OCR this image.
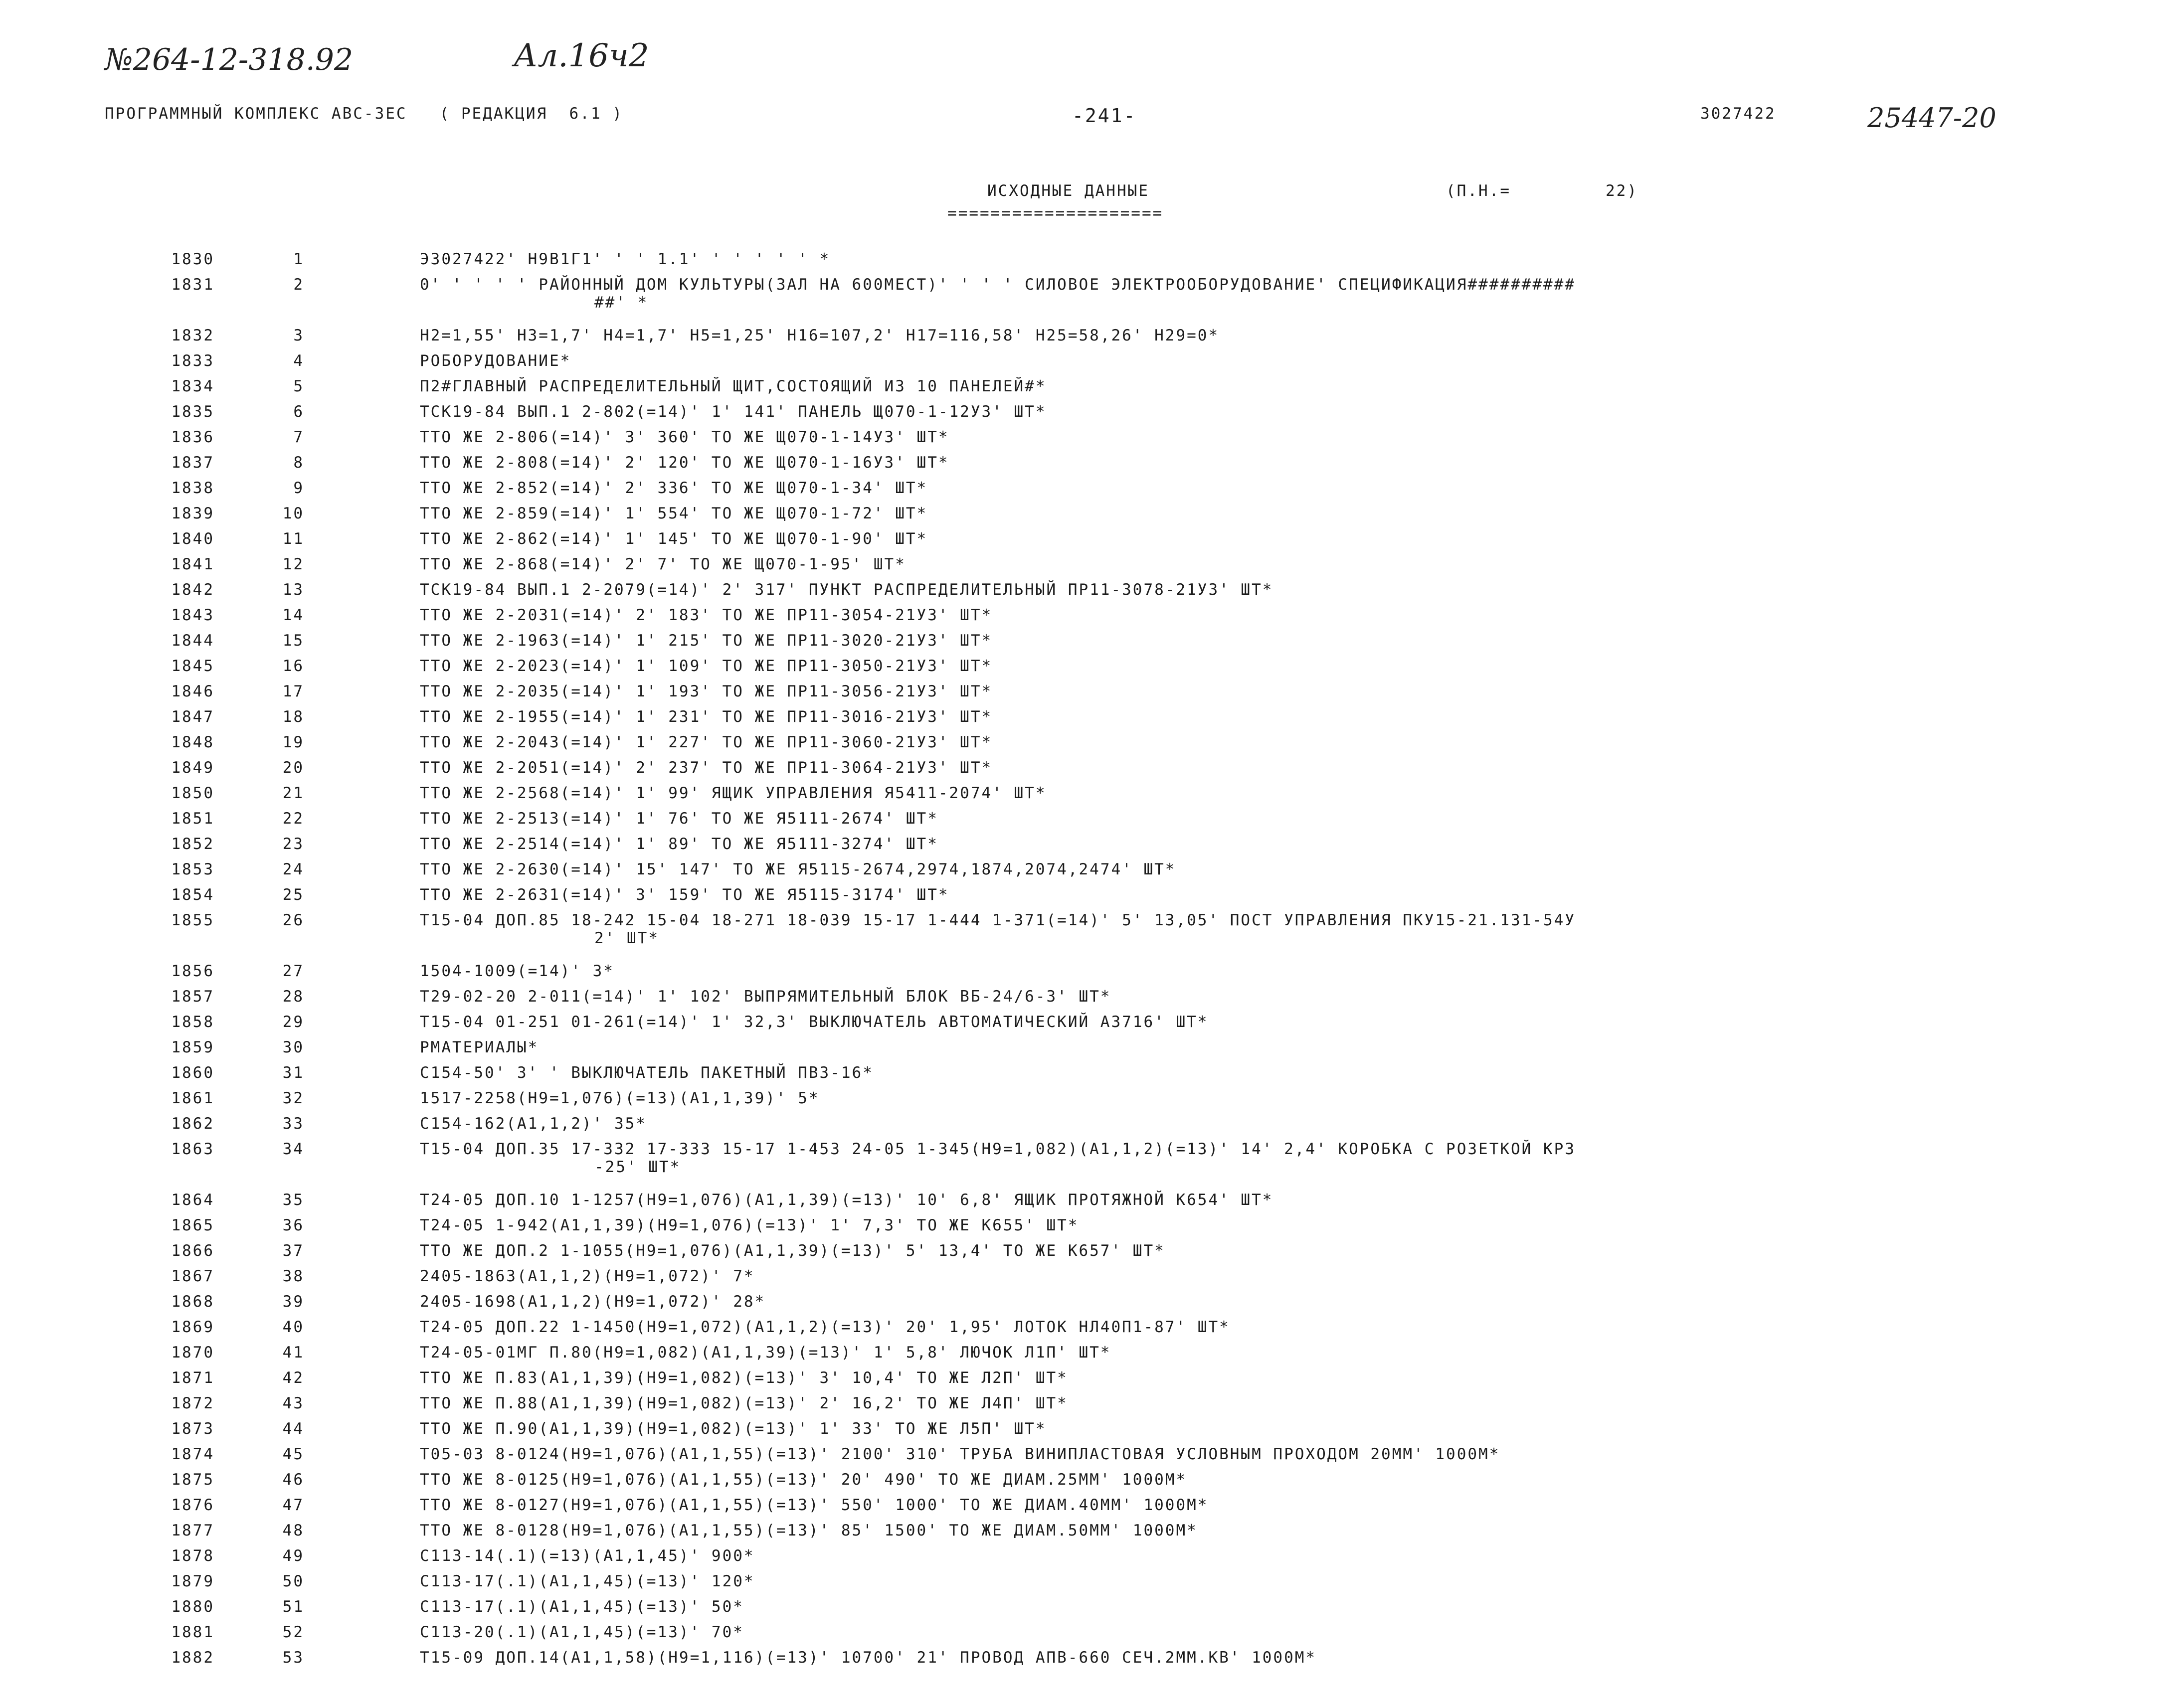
№264-12-318.92	Ал.16ч2
ПРОГРАММНЫЙ КОМПЛЕКС АВС-3ЕС   ( РЕДАКЦИЯ  6.1 )	-241-	3027422	25447-20
ИСХОДНЫЕ ДАННЫЕ
====================
(П.Н.=	22)
1830	1	Э3027422' Н9В1Г1' ' ' 1.1' ' ' ' ' ' *
1831	2	0' ' ' ' ' РАЙОННЫЙ ДОМ КУЛЬТУРЫ(ЗАЛ НА 600МЕСТ)' ' ' ' СИЛОВОЕ ЭЛЕКТРООБОРУДОВАНИЕ' СПЕЦИФИКАЦИЯ##########
##' *
1832	3	Н2=1,55' Н3=1,7' Н4=1,7' Н5=1,25' Н16=107,2' Н17=116,58' Н25=58,26' Н29=0*
1833	4	РОБОРУДОВАНИЕ*
1834	5	П2#ГЛАВНЫЙ РАСПРЕДЕЛИТЕЛЬНЫЙ ЩИТ,СОСТОЯЩИЙ ИЗ 10 ПАНЕЛЕЙ#*
1835	6	ТСК19-84 ВЫП.1 2-802(=14)' 1' 141' ПАНЕЛЬ Щ070-1-12У3' ШТ*
1836	7	ТТО ЖЕ 2-806(=14)' 3' 360' ТО ЖЕ Щ070-1-14У3' ШТ*
1837	8	ТТО ЖЕ 2-808(=14)' 2' 120' ТО ЖЕ Щ070-1-16У3' ШТ*
1838	9	ТТО ЖЕ 2-852(=14)' 2' 336' ТО ЖЕ Щ070-1-34' ШТ*
1839	10	ТТО ЖЕ 2-859(=14)' 1' 554' ТО ЖЕ Щ070-1-72' ШТ*
1840	11	ТТО ЖЕ 2-862(=14)' 1' 145' ТО ЖЕ Щ070-1-90' ШТ*
1841	12	ТТО ЖЕ 2-868(=14)' 2' 7' ТО ЖЕ Щ070-1-95' ШТ*
1842	13	ТСК19-84 ВЫП.1 2-2079(=14)' 2' 317' ПУНКТ РАСПРЕДЕЛИТЕЛЬНЫЙ ПР11-3078-21У3' ШТ*
1843	14	ТТО ЖЕ 2-2031(=14)' 2' 183' ТО ЖЕ ПР11-3054-21У3' ШТ*
1844	15	ТТО ЖЕ 2-1963(=14)' 1' 215' ТО ЖЕ ПР11-3020-21У3' ШТ*
1845	16	ТТО ЖЕ 2-2023(=14)' 1' 109' ТО ЖЕ ПР11-3050-21У3' ШТ*
1846	17	ТТО ЖЕ 2-2035(=14)' 1' 193' ТО ЖЕ ПР11-3056-21У3' ШТ*
1847	18	ТТО ЖЕ 2-1955(=14)' 1' 231' ТО ЖЕ ПР11-3016-21У3' ШТ*
1848	19	ТТО ЖЕ 2-2043(=14)' 1' 227' ТО ЖЕ ПР11-3060-21У3' ШТ*
1849	20	ТТО ЖЕ 2-2051(=14)' 2' 237' ТО ЖЕ ПР11-3064-21У3' ШТ*
1850	21	ТТО ЖЕ 2-2568(=14)' 1' 99' ЯЩИК УПРАВЛЕНИЯ Я5411-2074' ШТ*
1851	22	ТТО ЖЕ 2-2513(=14)' 1' 76' ТО ЖЕ Я5111-2674' ШТ*
1852	23	ТТО ЖЕ 2-2514(=14)' 1' 89' ТО ЖЕ Я5111-3274' ШТ*
1853	24	ТТО ЖЕ 2-2630(=14)' 15' 147' ТО ЖЕ Я5115-2674,2974,1874,2074,2474' ШТ*
1854	25	ТТО ЖЕ 2-2631(=14)' 3' 159' ТО ЖЕ Я5115-3174' ШТ*
1855	26	Т15-04 ДОП.85 18-242 15-04 18-271 18-039 15-17 1-444 1-371(=14)' 5' 13,05' ПОСТ УПРАВЛЕНИЯ ПКУ15-21.131-54У
2' ШТ*
1856	27	1504-1009(=14)' 3*
1857	28	Т29-02-20 2-011(=14)' 1' 102' ВЫПРЯМИТЕЛЬНЫЙ БЛОК ВБ-24/6-3' ШТ*
1858	29	Т15-04 01-251 01-261(=14)' 1' 32,3' ВЫКЛЮЧАТЕЛЬ АВТОМАТИЧЕСКИЙ А3716' ШТ*
1859	30	РМАТЕРИАЛЫ*
1860	31	С154-50' 3' ' ВЫКЛЮЧАТЕЛЬ ПАКЕТНЫЙ ПВ3-16*
1861	32	1517-2258(Н9=1,076)(=13)(А1,1,39)' 5*
1862	33	С154-162(А1,1,2)' 35*
1863	34	Т15-04 ДОП.35 17-332 17-333 15-17 1-453 24-05 1-345(Н9=1,082)(А1,1,2)(=13)' 14' 2,4' КОРОБКА С РОЗЕТКОЙ КР3
-25' ШТ*
1864	35	Т24-05 ДОП.10 1-1257(Н9=1,076)(А1,1,39)(=13)' 10' 6,8' ЯЩИК ПРОТЯЖНОЙ К654' ШТ*
1865	36	Т24-05 1-942(А1,1,39)(Н9=1,076)(=13)' 1' 7,3' ТО ЖЕ К655' ШТ*
1866	37	ТТО ЖЕ ДОП.2 1-1055(Н9=1,076)(А1,1,39)(=13)' 5' 13,4' ТО ЖЕ К657' ШТ*
1867	38	2405-1863(А1,1,2)(Н9=1,072)' 7*
1868	39	2405-1698(А1,1,2)(Н9=1,072)' 28*
1869	40	Т24-05 ДОП.22 1-1450(Н9=1,072)(А1,1,2)(=13)' 20' 1,95' ЛОТОК НЛ40П1-87' ШТ*
1870	41	Т24-05-01МГ П.80(Н9=1,082)(А1,1,39)(=13)' 1' 5,8' ЛЮЧОК Л1П' ШТ*
1871	42	ТТО ЖЕ П.83(А1,1,39)(Н9=1,082)(=13)' 3' 10,4' ТО ЖЕ Л2П' ШТ*
1872	43	ТТО ЖЕ П.88(А1,1,39)(Н9=1,082)(=13)' 2' 16,2' ТО ЖЕ Л4П' ШТ*
1873	44	ТТО ЖЕ П.90(А1,1,39)(Н9=1,082)(=13)' 1' 33' ТО ЖЕ Л5П' ШТ*
1874	45	Т05-03 8-0124(Н9=1,076)(А1,1,55)(=13)' 2100' 310' ТРУБА ВИНИПЛАСТОВАЯ УСЛОВНЫМ ПРОХОДОМ 20ММ' 1000М*
1875	46	ТТО ЖЕ 8-0125(Н9=1,076)(А1,1,55)(=13)' 20' 490' ТО ЖЕ ДИАМ.25ММ' 1000М*
1876	47	ТТО ЖЕ 8-0127(Н9=1,076)(А1,1,55)(=13)' 550' 1000' ТО ЖЕ ДИАМ.40ММ' 1000М*
1877	48	ТТО ЖЕ 8-0128(Н9=1,076)(А1,1,55)(=13)' 85' 1500' ТО ЖЕ ДИАМ.50ММ' 1000М*
1878	49	С113-14(.1)(=13)(А1,1,45)' 900*
1879	50	С113-17(.1)(А1,1,45)(=13)' 120*
1880	51	С113-17(.1)(А1,1,45)(=13)' 50*
1881	52	С113-20(.1)(А1,1,45)(=13)' 70*
1882	53	Т15-09 ДОП.14(А1,1,58)(Н9=1,116)(=13)' 10700' 21' ПРОВОД АПВ-660 СЕЧ.2ММ.КВ' 1000М*
